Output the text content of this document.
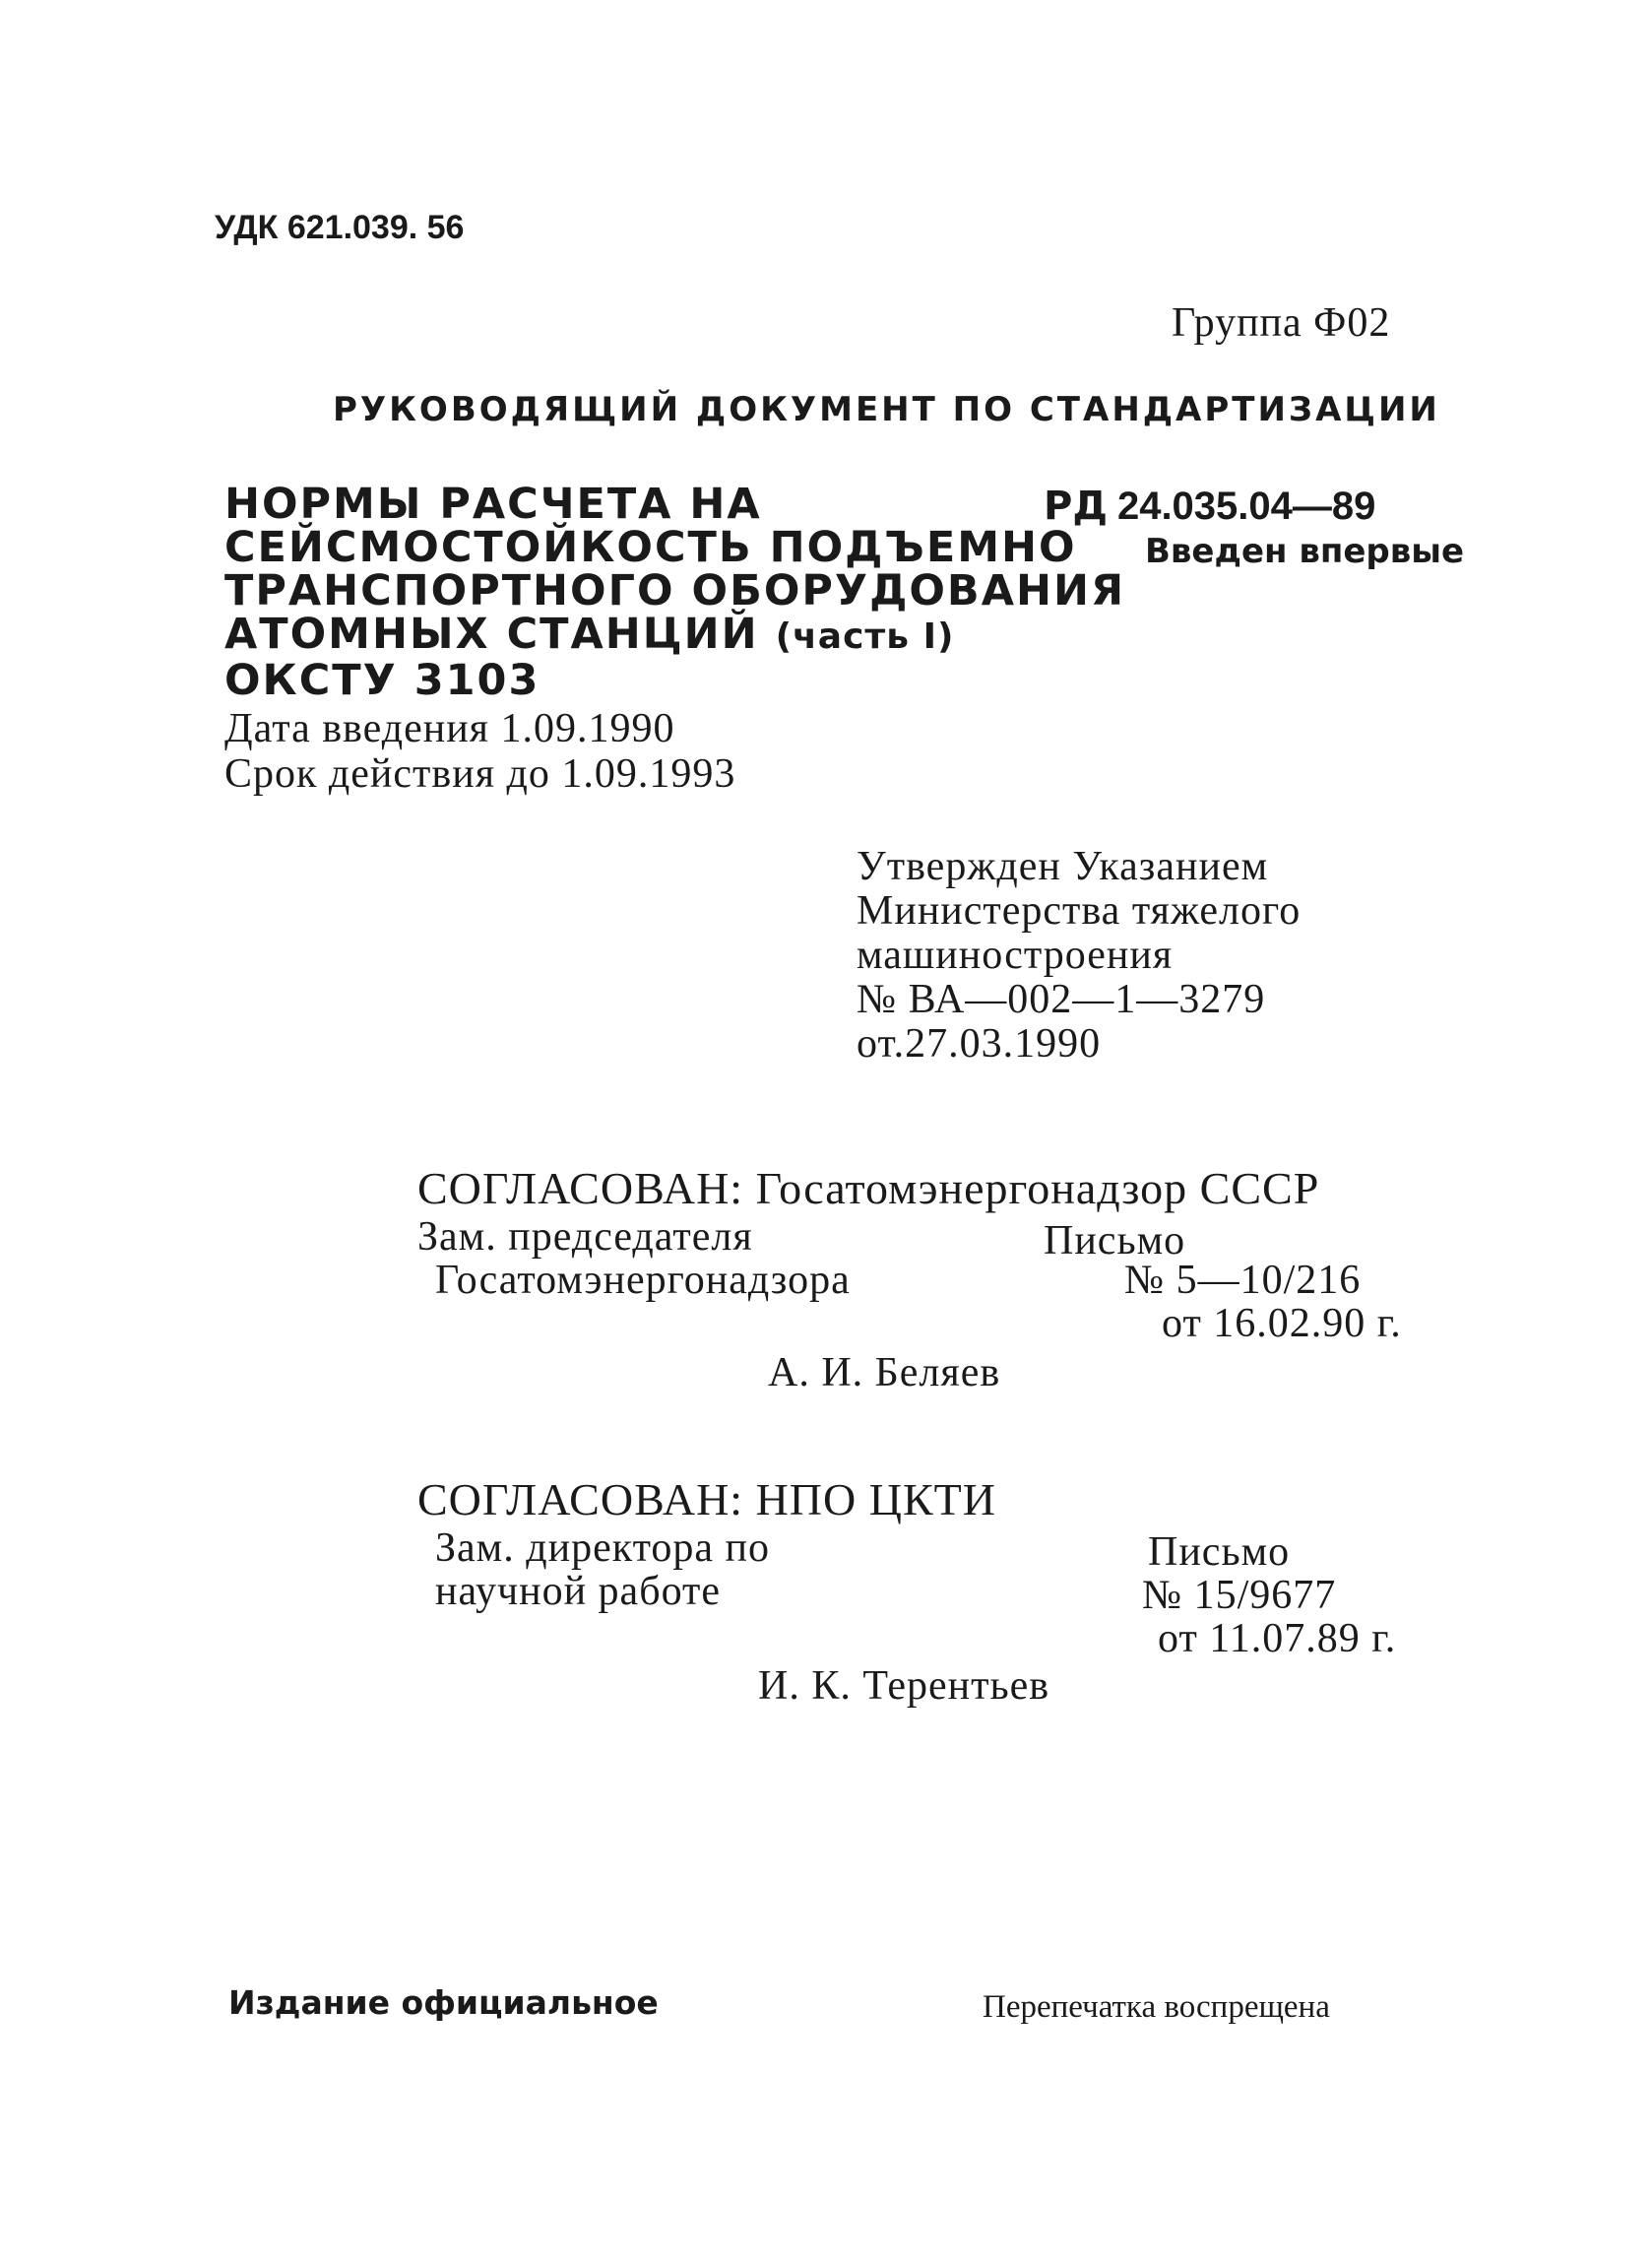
УДК 621.039. 56
Группа Ф02
РУКОВОДЯЩИЙ ДОКУМЕНТ ПО СТАНДАРТИЗАЦИИ
НОРМЫ РАСЧЕТА НА
СЕЙСМОСТОЙКОСТЬ ПОДЪЕМНО
ТРАНСПОРТНОГО ОБОРУДОВАНИЯ
АТОМНЫХ СТАНЦИЙ (часть I)
ОКСТУ 3103
Дата введения 1.09.1990
Срок действия до 1.09.1993
РД 24.035.04—89
Введен впервые
Утвержден Указанием
Министерства тяжелого
машиностроения
№ ВА—002—1—3279
от.27.03.1990
СОГЛАСОВАН: Госатомэнергонадзор СССР
Зам. председателя
Госатомэнергонадзора
Письмо
№ 5—10/216
от 16.02.90 г.
А. И. Беляев
СОГЛАСОВАН: НПО ЦКТИ
Зам. директора по
научной работе
Письмо
№ 15/9677
от 11.07.89 г.
И. К. Терентьев
Издание официальное	Перепечатка воспрещена
